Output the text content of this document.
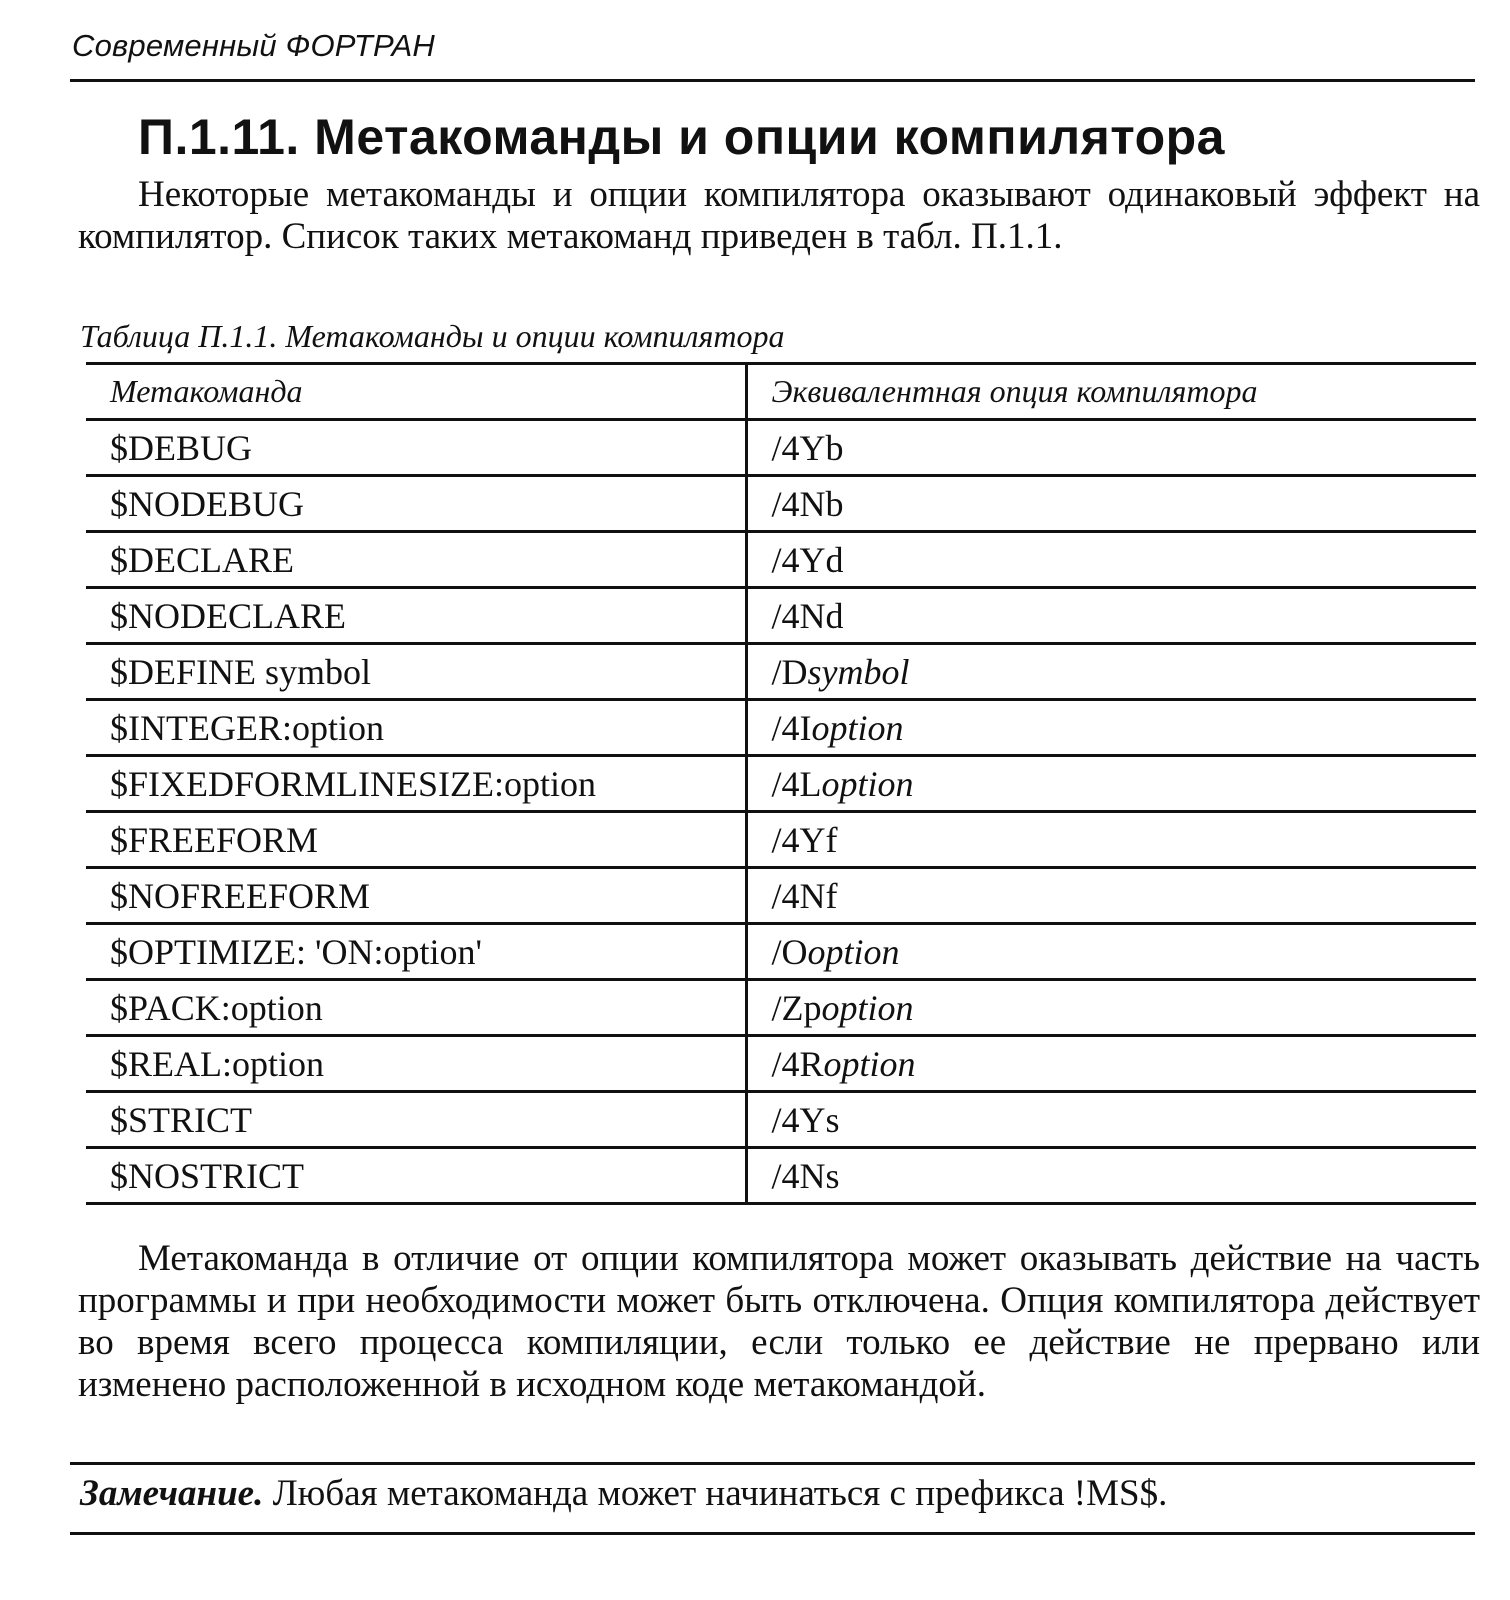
Современный ФОРТРАН
П.1.11. Метакоманды и опции компилятора
Некоторые метакоманды и опции компилятора оказывают одинаковый эффект на компилятор. Список таких метакоманд приведен в табл. П.1.1.
Таблица П.1.1. Метакоманды и опции компилятора
Метакоманда	Эквивалентная опция компилятора
$DEBUG	/4Yb
$NODEBUG	/4Nb
$DECLARE	/4Yd
$NODECLARE	/4Nd
$DEFINE symbol	/Dsymbol
$INTEGER:option	/4Ioption
$FIXEDFORMLINESIZE:option	/4Loption
$FREEFORM	/4Yf
$NOFREEFORM	/4Nf
$OPTIMIZE: 'ON:option'	/Ooption
$PACK:option	/Zpoption
$REAL:option	/4Roption
$STRICT	/4Ys
$NOSTRICT	/4Ns
Метакоманда в отличие от опции компилятора может оказывать действие на часть программы и при необходимости может быть отключена. Опция компилятора действует во время всего процесса компиляции, если только ее действие не прервано или изменено расположенной в исходном коде метакомандой.
Замечание. Любая метакоманда может начинаться с префикса !MS$.
